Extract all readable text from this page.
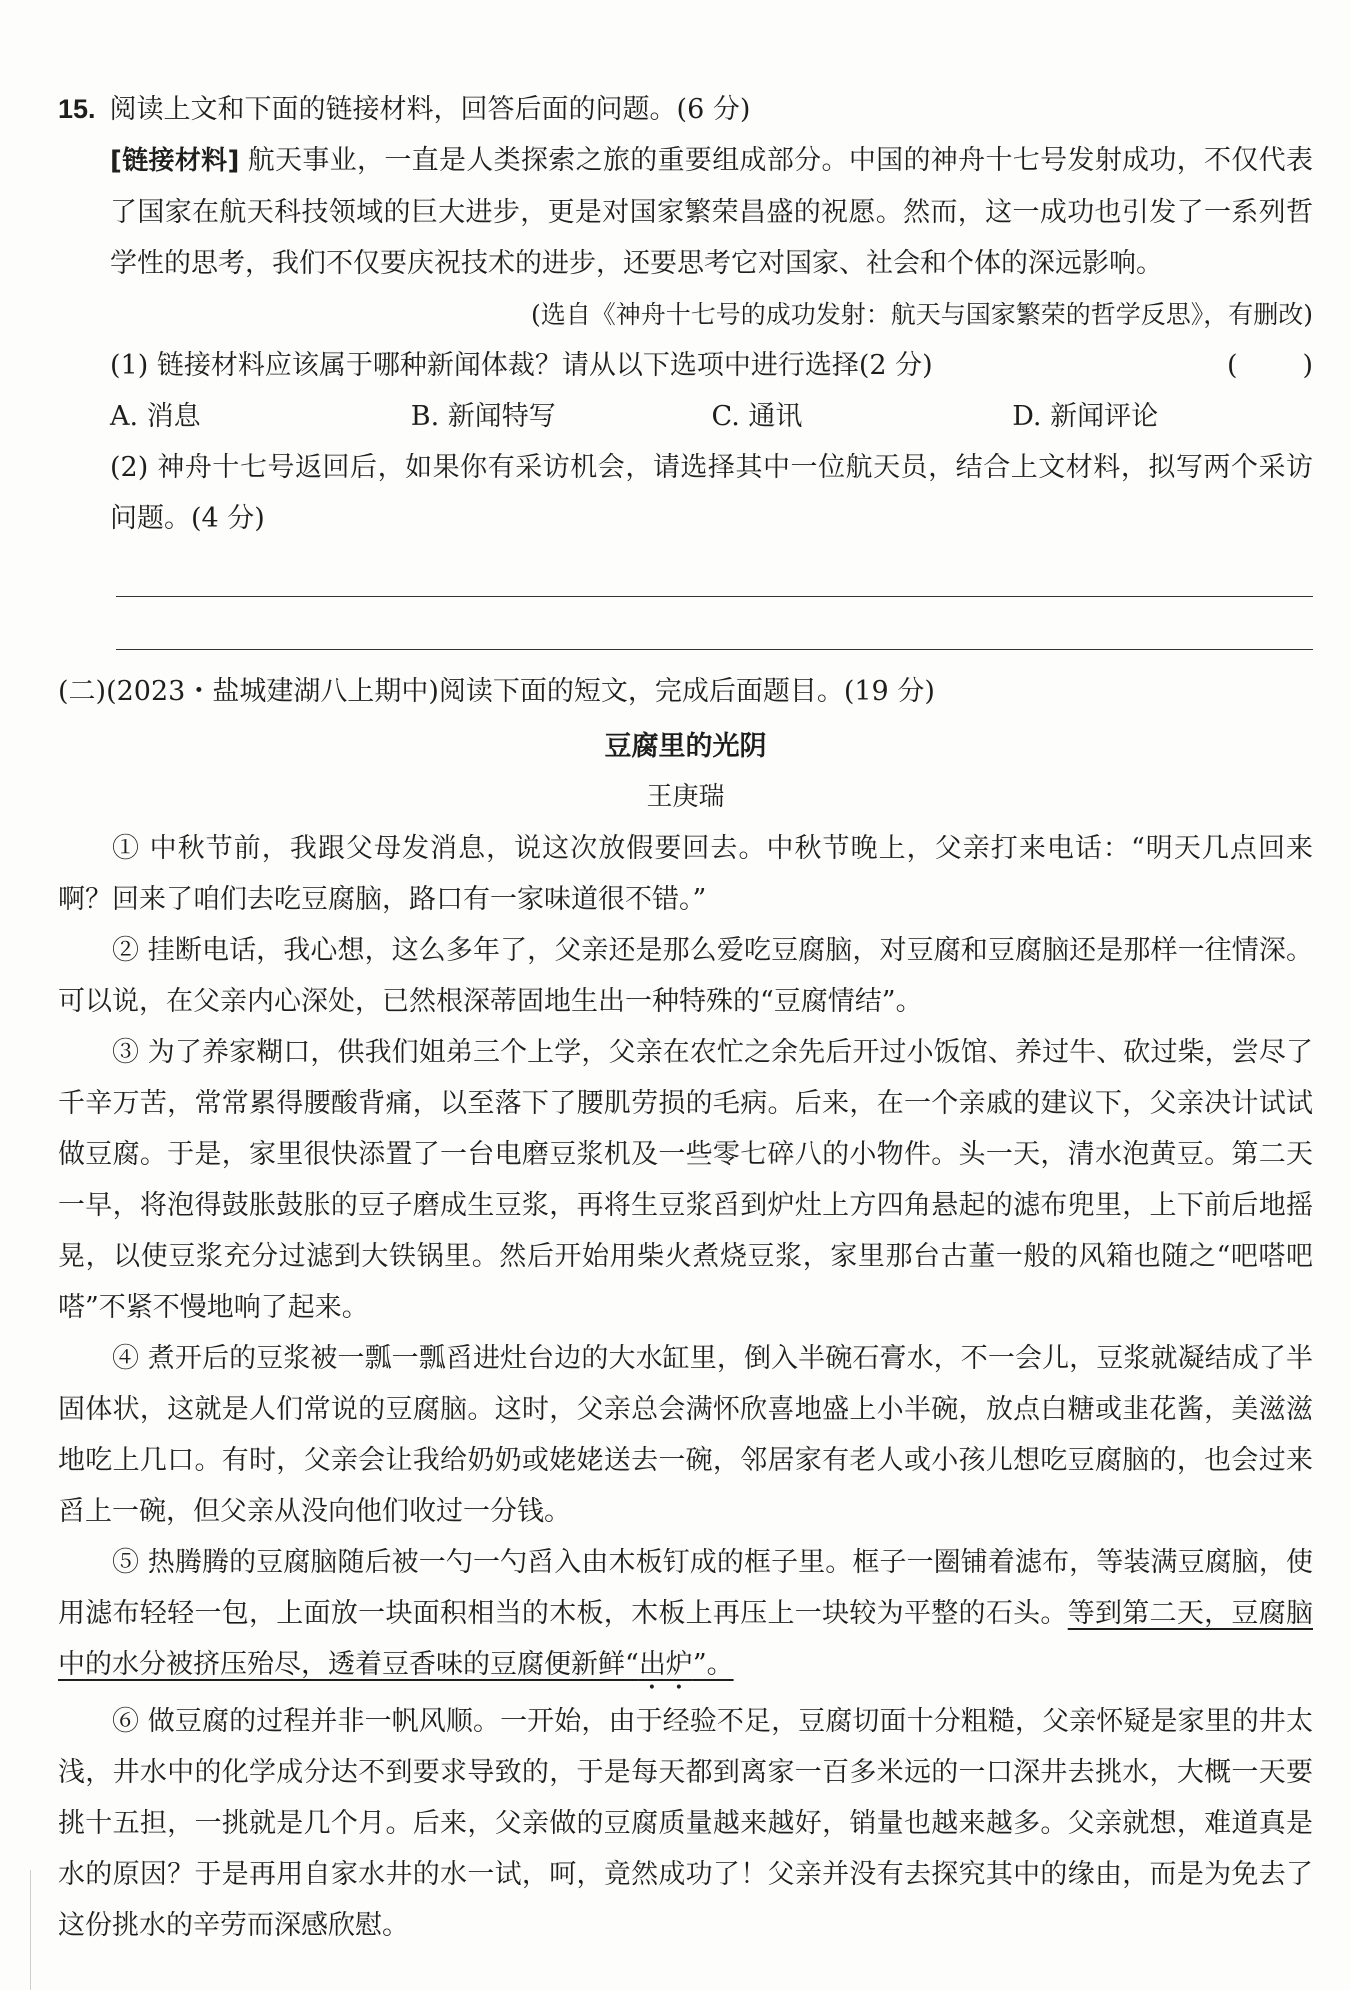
15. 阅读上文和下面的链接材料，回答后面的问题。(6 分)

[链接材料] 航天事业，一直是人类探索之旅的重要组成部分。中国的神舟十七号发射成功，不仅代表了国家在航天科技领域的巨大进步，更是对国家繁荣昌盛的祝愿。然而，这一成功也引发了一系列哲学性的思考，我们不仅要庆祝技术的进步，还要思考它对国家、社会和个体的深远影响。

(选自《神舟十七号的成功发射：航天与国家繁荣的哲学反思》，有删改)

(1) 链接材料应该属于哪种新闻体裁？请从以下选项中进行选择(2 分)	( )

A. 消息	B. 新闻特写	C. 通讯	D. 新闻评论

(2) 神舟十七号返回后，如果你有采访机会，请选择其中一位航天员，结合上文材料，拟写两个采访问题。(4 分)

(二)(2023・盐城建湖八上期中)阅读下面的短文，完成后面题目。(19 分)

豆腐里的光阴

王庚瑞

① 中秋节前，我跟父母发消息，说这次放假要回去。中秋节晚上，父亲打来电话：“明天几点回来啊？回来了咱们去吃豆腐脑，路口有一家味道很不错。”

② 挂断电话，我心想，这么多年了，父亲还是那么爱吃豆腐脑，对豆腐和豆腐脑还是那样一往情深。可以说，在父亲内心深处，已然根深蒂固地生出一种特殊的“豆腐情结”。

③ 为了养家糊口，供我们姐弟三个上学，父亲在农忙之余先后开过小饭馆、养过牛、砍过柴，尝尽了千辛万苦，常常累得腰酸背痛，以至落下了腰肌劳损的毛病。后来，在一个亲戚的建议下，父亲决计试试做豆腐。于是，家里很快添置了一台电磨豆浆机及一些零七碎八的小物件。头一天，清水泡黄豆。第二天一早，将泡得鼓胀鼓胀的豆子磨成生豆浆，再将生豆浆舀到炉灶上方四角悬起的滤布兜里，上下前后地摇晃，以使豆浆充分过滤到大铁锅里。然后开始用柴火煮烧豆浆，家里那台古董一般的风箱也随之“吧嗒吧嗒”不紧不慢地响了起来。

④ 煮开后的豆浆被一瓢一瓢舀进灶台边的大水缸里，倒入半碗石膏水，不一会儿，豆浆就凝结成了半固体状，这就是人们常说的豆腐脑。这时，父亲总会满怀欣喜地盛上小半碗，放点白糖或韭花酱，美滋滋地吃上几口。有时，父亲会让我给奶奶或姥姥送去一碗，邻居家有老人或小孩儿想吃豆腐脑的，也会过来舀上一碗，但父亲从没向他们收过一分钱。

⑤ 热腾腾的豆腐脑随后被一勺一勺舀入由木板钉成的框子里。框子一圈铺着滤布，等装满豆腐脑，使用滤布轻轻一包，上面放一块面积相当的木板，木板上再压上一块较为平整的石头。等到第二天，豆腐脑中的水分被挤压殆尽，透着豆香味的豆腐便新鲜“出炉”。

⑥ 做豆腐的过程并非一帆风顺。一开始，由于经验不足，豆腐切面十分粗糙，父亲怀疑是家里的井太浅，井水中的化学成分达不到要求导致的，于是每天都到离家一百多米远的一口深井去挑水，大概一天要挑十五担，一挑就是几个月。后来，父亲做的豆腐质量越来越好，销量也越来越多。父亲就想，难道真是水的原因？于是再用自家水井的水一试，呵，竟然成功了！父亲并没有去探究其中的缘由，而是为免去了这份挑水的辛劳而深感欣慰。
